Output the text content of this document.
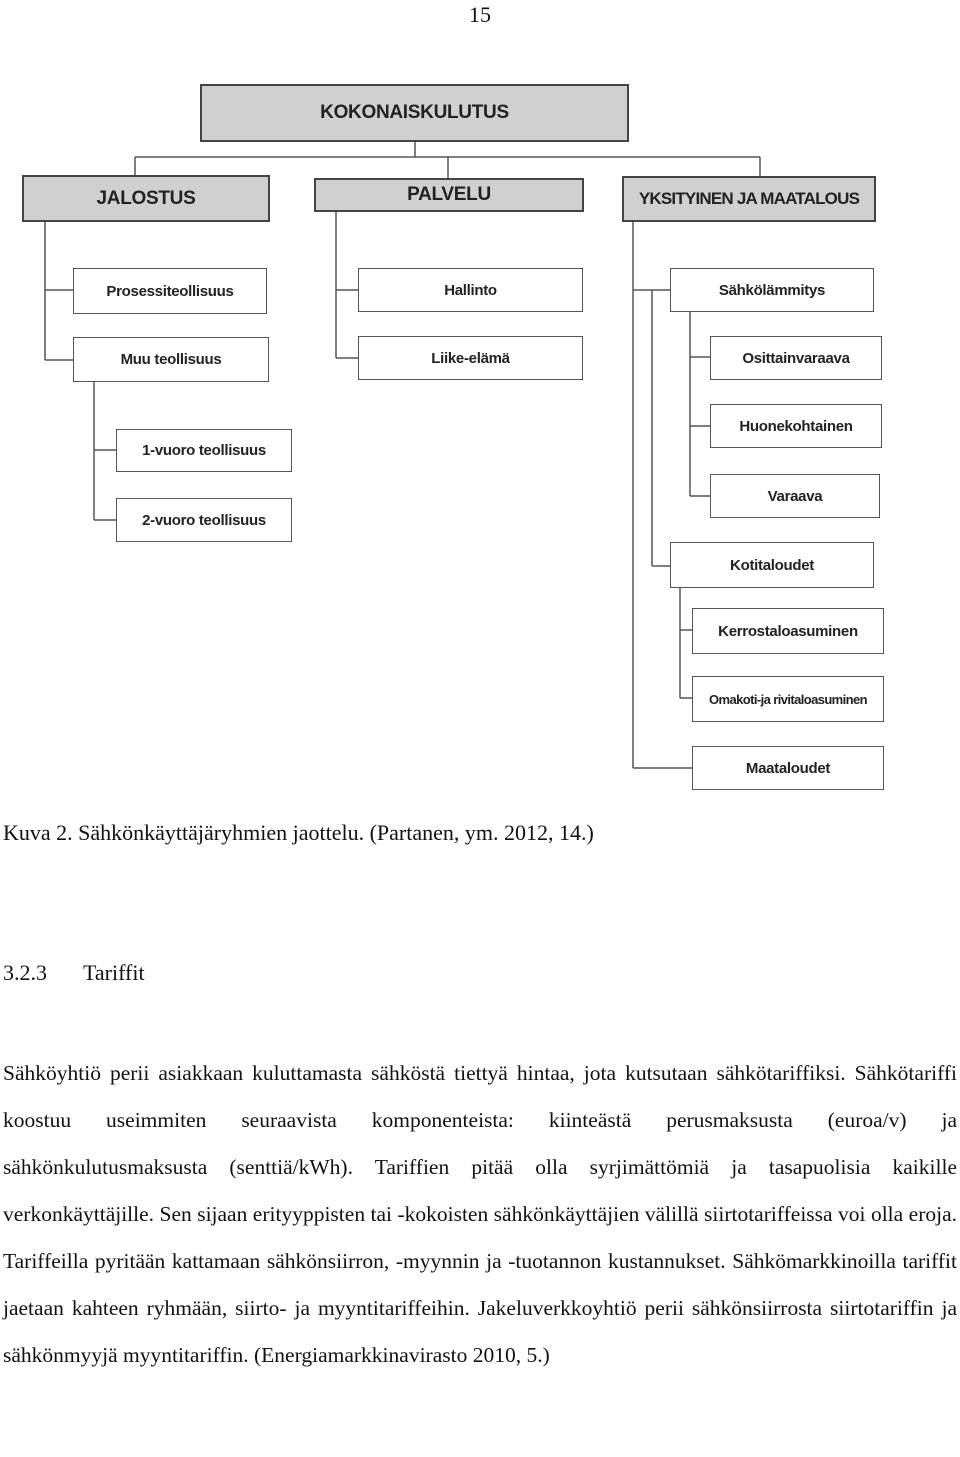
15
KOKONAISKULUTUS
JALOSTUS	PALVELU	YKSITYINEN JA MAATALOUS
Prosessiteollisuus
Muu teollisuus
1-vuoro teollisuus
2-vuoro teollisuus
Hallinto
Liike-elämä
Sähkölämmitys
Osittainvaraava
Huonekohtainen
Varaava
Kotitaloudet
Kerrostaloasuminen
Omakoti-ja rivitaloasuminen
Maataloudet
Kuva 2. Sähkönkäyttäjäryhmien jaottelu. (Partanen, ym. 2012, 14.)
3.2.3 Tariffit
Sähköyhtiö perii asiakkaan kuluttamasta sähköstä tiettyä hintaa, jota kutsutaan sähkötariffiksi. Sähkötariffi koostuu useimmiten seuraavista komponenteista: kiinteästä perusmaksusta (euroa/v) ja sähkönkulutusmaksusta (senttiä/kWh). Tariffien pitää olla syrjimättömiä ja tasapuolisia kaikille verkonkäyttäjille. Sen sijaan erityyppisten tai -kokoisten sähkönkäyttäjien välillä siirtotariffeissa voi olla eroja. Tariffeilla pyritään kattamaan sähkönsiirron, -myynnin ja -tuotannon kustannukset. Sähkömarkkinoilla tariffit jaetaan kahteen ryhmään, siirto- ja myyntitariffeihin. Jakeluverkkoyhtiö perii sähkönsiirrosta siirtotariffin ja sähkönmyyjä myyntitariffin. (Energiamarkkinavirasto 2010, 5.)
